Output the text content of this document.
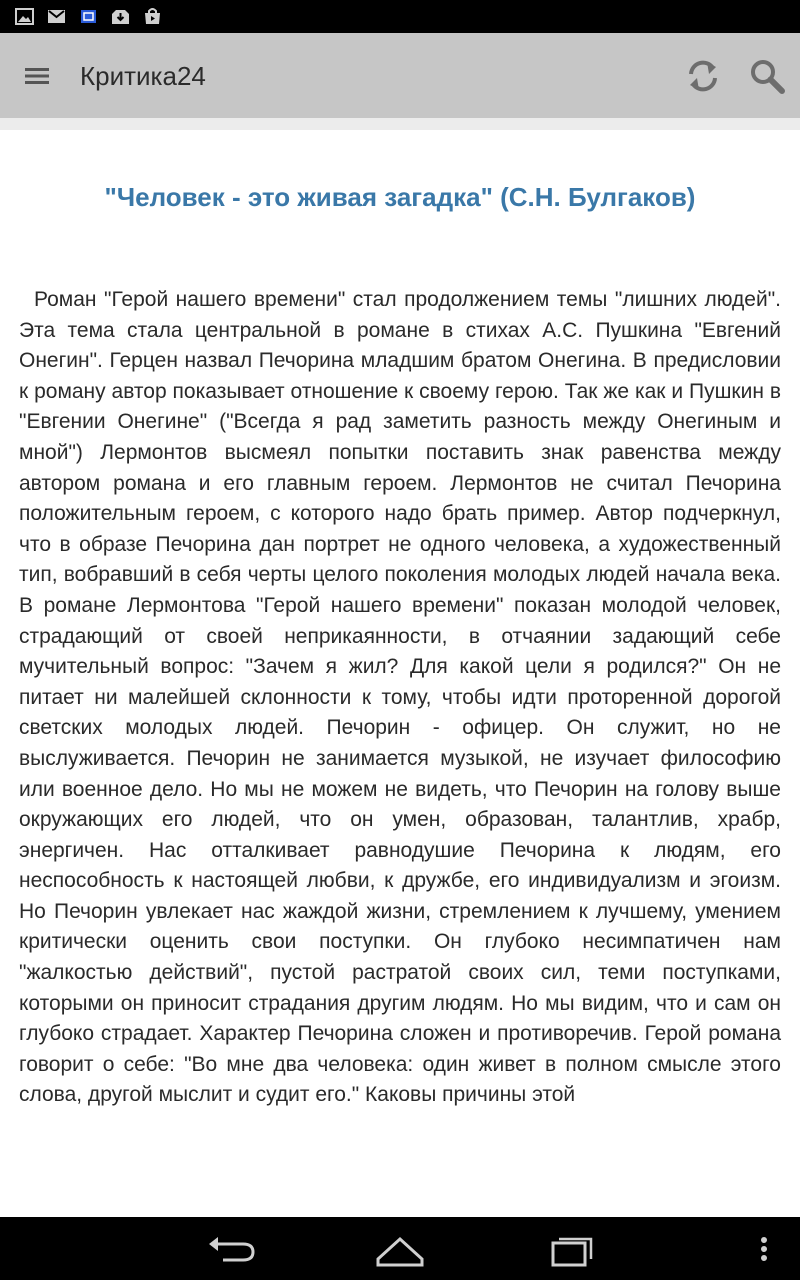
Критика24
"Человек - это живая загадка" (С.Н. Булгаков)

Роман "Герой нашего времени" стал продолжением темы "лишних людей". Эта тема стала центральной в романе в стихах А.С. Пушкина "Евгений Онегин". Герцен назвал Печорина младшим братом Онегина. В предисловии к роману автор показывает отношение к своему герою. Так же как и Пушкин в "Евгении Онегине" ("Всегда я рад заметить разность между Онегиным и мной") Лермонтов высмеял попытки поставить знак равенства между автором романа и его главным героем. Лермонтов не считал Печорина положительным героем, с которого надо брать пример. Автор подчеркнул, что в образе Печорина дан портрет не одного человека, а художественный тип, вобравший в себя черты целого поколения молодых людей начала века. В романе Лермонтова "Герой нашего времени" показан молодой человек, страдающий от своей неприкаянности, в отчаянии задающий себе мучительный вопрос: "Зачем я жил? Для какой цели я родился?" Он не питает ни малейшей склонности к тому, чтобы идти проторенной дорогой светских молодых людей. Печорин - офицер. Он служит, но не выслуживается. Печорин не занимается музыкой, не изучает философию или военное дело. Но мы не можем не видеть, что Печорин на голову выше окружающих его людей, что он умен, образован, талантлив, храбр, энергичен. Нас отталкивает равнодушие Печорина к людям, его неспособность к настоящей любви, к дружбе, его индивидуализм и эгоизм. Но Печорин увлекает нас жаждой жизни, стремлением к лучшему, умением критически оценить свои поступки. Он глубоко несимпатичен нам "жалкостью действий", пустой растратой своих сил, теми поступками, которыми он приносит страдания другим людям. Но мы видим, что и сам он глубоко страдает. Характер Печорина сложен и противоречив. Герой романа говорит о себе: "Во мне два человека: один живет в полном смысле этого слова, другой мыслит и судит его." Каковы причины этой
